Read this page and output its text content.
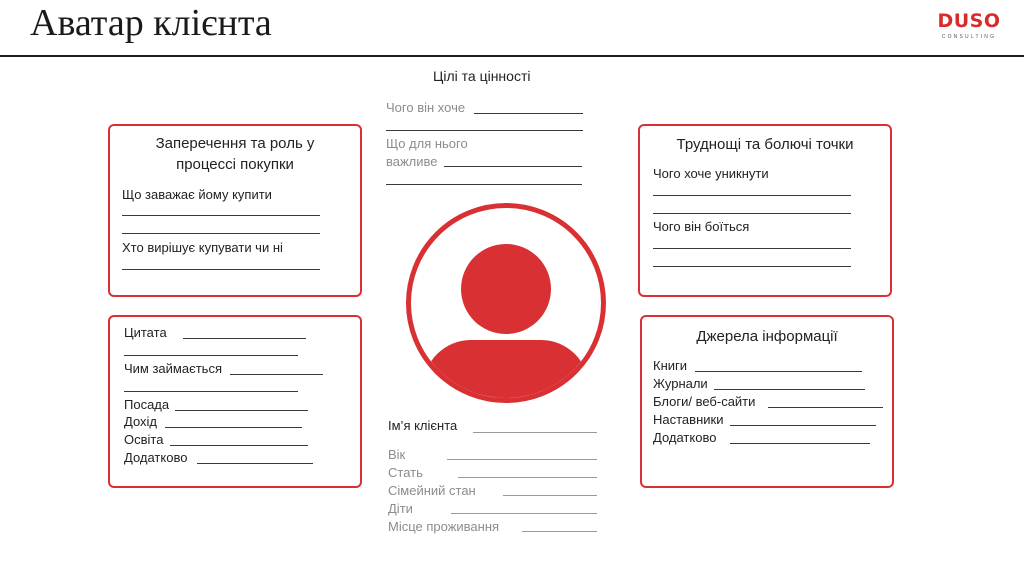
Аватар клієнта	DUSO
CONSULTING
Цілі та цінності
Чого він хоче
Що для нього
важливе
Заперечення та роль у
процессі покупки
Що заважає йому купити
Хто вирішує купувати чи ні
Труднощі та болючі точки
Чого хоче уникнути
Чого він боїться
Цитата
Чим займається
Посада
Дохід
Освіта
Додатково
Джерела інформації
Книги
Журнали
Блоги/ веб-сайти
Наставники
Додатково
Ім’я клієнта
Вік
Стать
Сімейний стан
Діти
Місце проживання
